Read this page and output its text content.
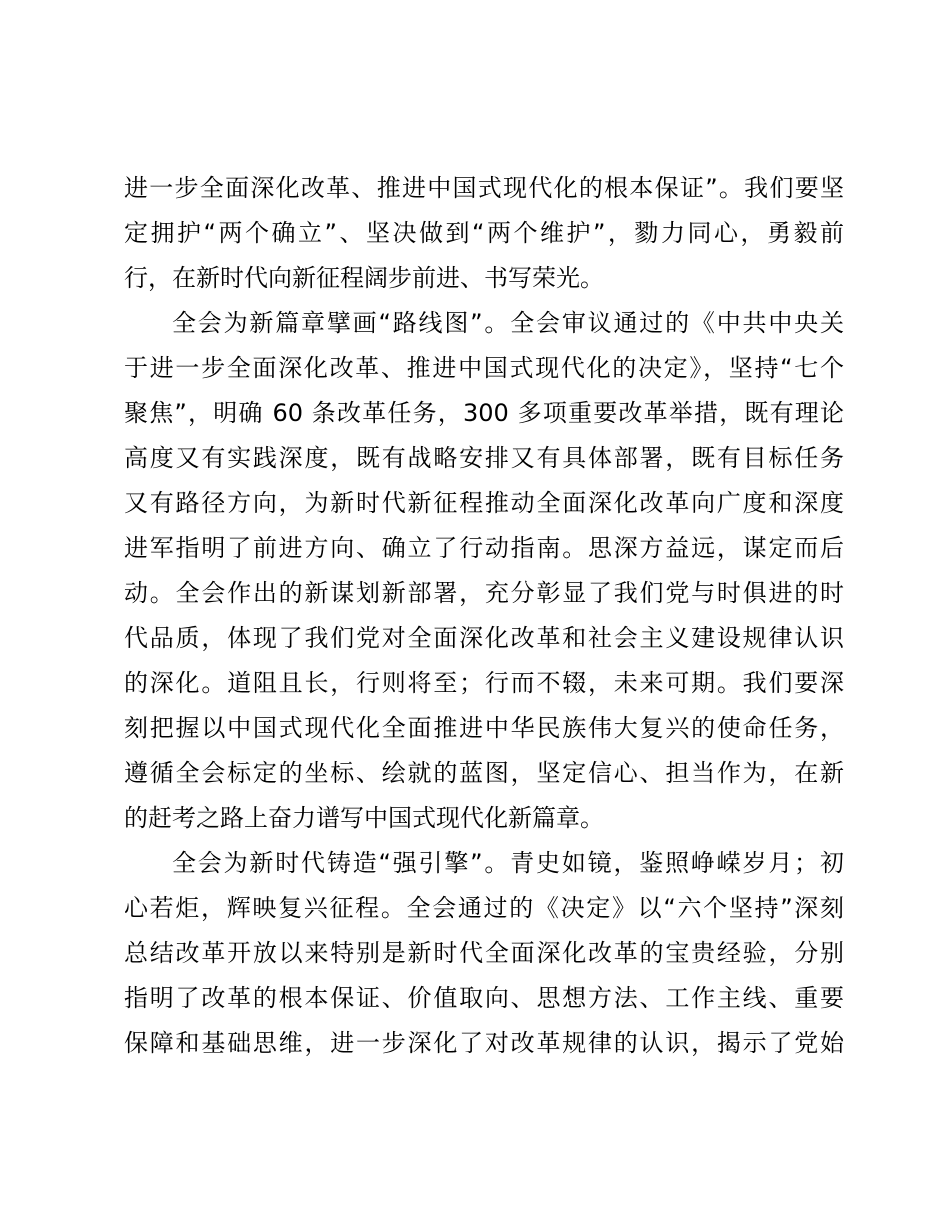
进一步全面深化改革、推进中国式现代化的根本保证”。我们要坚
定拥护“两个确立”、坚决做到“两个维护”，勠力同心，勇毅前
行，在新时代向新征程阔步前进、书写荣光。
全会为新篇章擘画“路线图”。全会审议通过的《中共中央关
于进一步全面深化改革、推进中国式现代化的决定》，坚持“七个
聚焦”，明确 60 条改革任务，300 多项重要改革举措，既有理论
高度又有实践深度，既有战略安排又有具体部署，既有目标任务
又有路径方向，为新时代新征程推动全面深化改革向广度和深度
进军指明了前进方向、确立了行动指南。思深方益远，谋定而后
动。全会作出的新谋划新部署，充分彰显了我们党与时俱进的时
代品质，体现了我们党对全面深化改革和社会主义建设规律认识
的深化。道阻且长，行则将至；行而不辍，未来可期。我们要深
刻把握以中国式现代化全面推进中华民族伟大复兴的使命任务，
遵循全会标定的坐标、绘就的蓝图，坚定信心、担当作为，在新
的赶考之路上奋力谱写中国式现代化新篇章。
全会为新时代铸造“强引擎”。青史如镜，鉴照峥嵘岁月；初
心若炬，辉映复兴征程。全会通过的《决定》以“六个坚持”深刻
总结改革开放以来特别是新时代全面深化改革的宝贵经验，分别
指明了改革的根本保证、价值取向、思想方法、工作主线、重要
保障和基础思维，进一步深化了对改革规律的认识，揭示了党始
